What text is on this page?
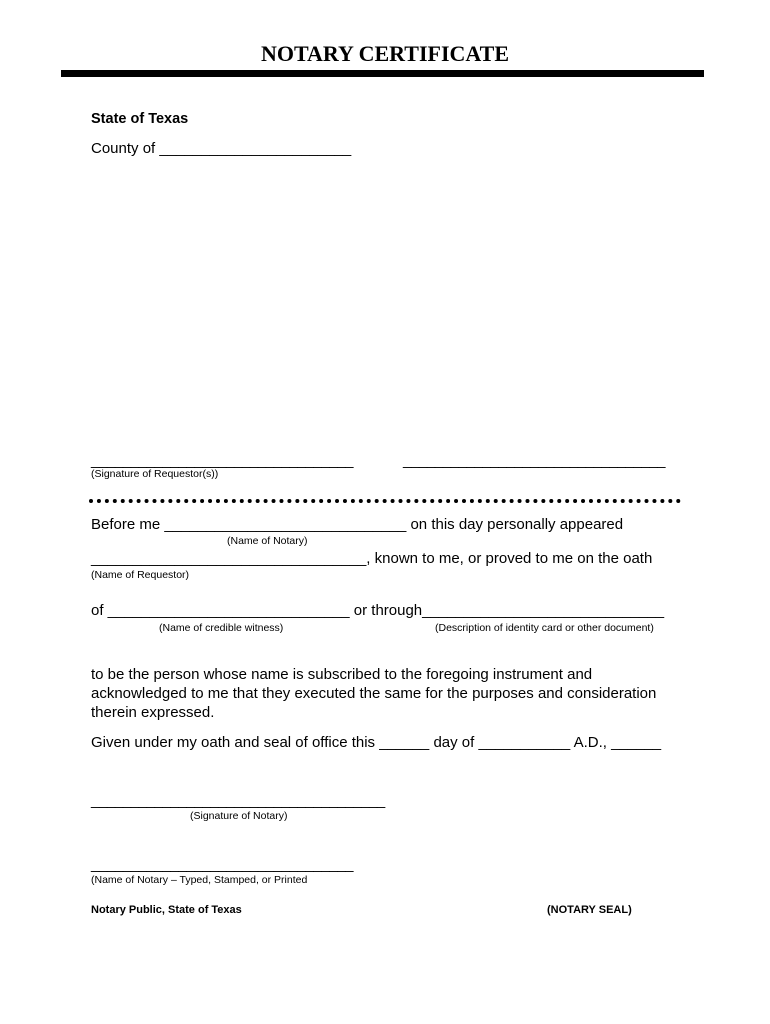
NOTARY CERTIFICATE
State of Texas
County of _______________________
_________________________________	_________________________________
(Signature of Requestor(s))
Before me _____________________________ on this day personally appeared
(Name of Notary)
_________________________________, known to me, or proved to me on the oath
(Name of Requestor)
of _____________________________ or through_____________________________
(Name of credible witness)	(Description of identity card or other document)
to be the person whose name is subscribed to the foregoing instrument and acknowledged to me that they executed the same for the purposes and consideration therein expressed.
Given under my oath and seal of office this ______ day of ___________ A.D., ______
_____________________________________
(Signature of Notary)
_________________________________
(Name of Notary – Typed, Stamped, or Printed
Notary Public, State of Texas	(NOTARY SEAL)
